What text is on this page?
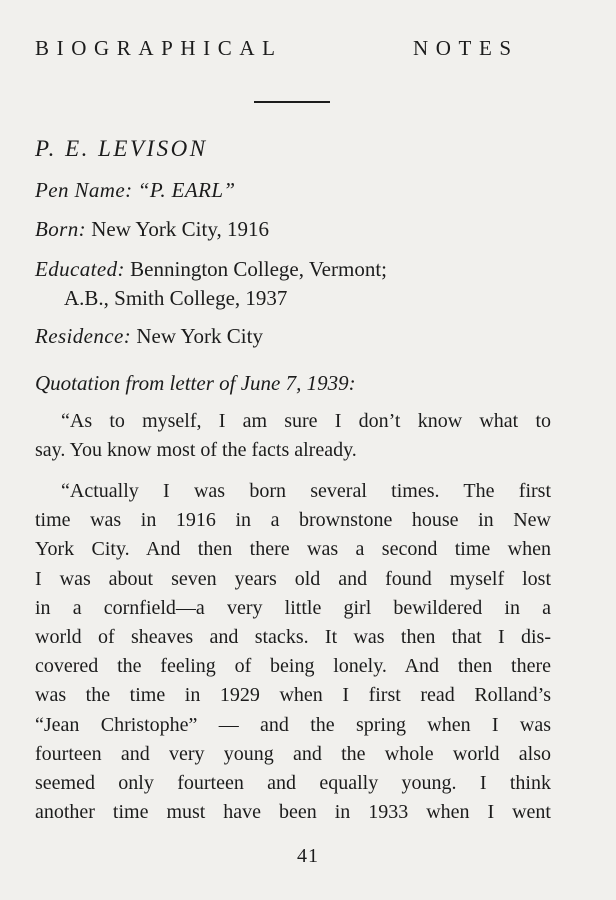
BIOGRAPHICAL	NOTES
P. E. LEVISON
Pen Name: “P. EARL”
Born: New York City, 1916
Educated: Bennington College, Vermont;
A.B., Smith College, 1937
Residence: New York City
Quotation from letter of June 7, 1939:
“As to myself, I am sure I don’t know what to
say. You know most of the facts already.
“Actually I was born several times. The first
time was in 1916 in a brownstone house in New
York City. And then there was a second time when
I was about seven years old and found myself lost
in a cornfield—a very little girl bewildered in a
world of sheaves and stacks. It was then that I dis-
covered the feeling of being lonely. And then there
was the time in 1929 when I first read Rolland’s
“Jean Christophe” — and the spring when I was
fourteen and very young and the whole world also
seemed only fourteen and equally young. I think
another time must have been in 1933 when I went
41
